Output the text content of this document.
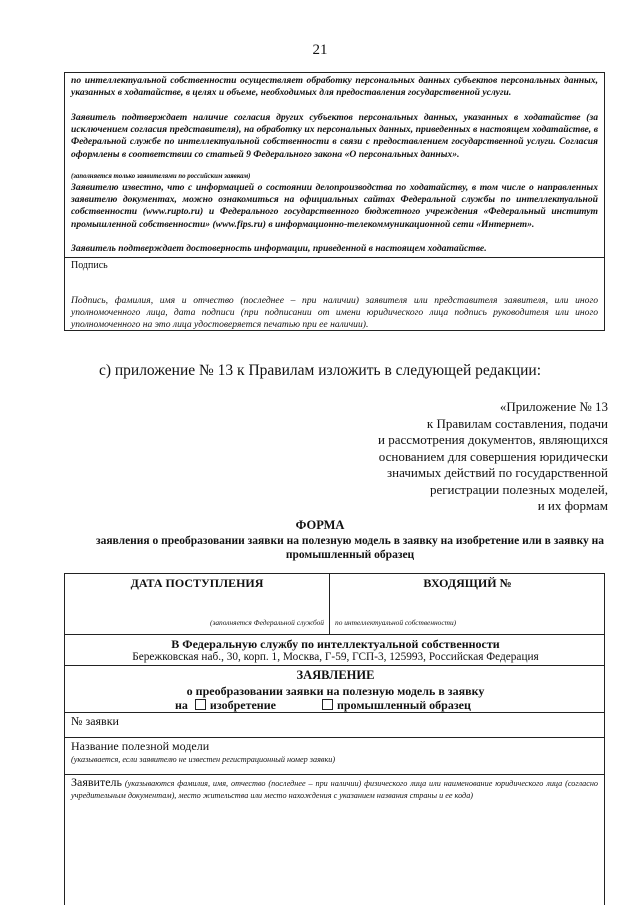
21
по интеллектуальной собственности осуществляет обработку персональных данных субъектов персональных данных, указанных в ходатайстве, в целях и объеме, необходимых для предоставления государственной услуги.
Заявитель подтверждает наличие согласия других субъектов персональных данных, указанных в ходатайстве (за исключением согласия представителя), на обработку их персональных данных, приведенных в настоящем ходатайстве, в Федеральной службе по интеллектуальной собственности в связи с предоставлением государственной услуги. Согласия оформлены в соответствии со статьей 9 Федерального закона «О персональных данных».
(заполняется только заявителями по российским заявкам)
Заявителю известно, что с информацией о состоянии делопроизводства по ходатайству, в том числе о направленных заявителю документах, можно ознакомиться на официальных сайтах Федеральной службы по интеллектуальной собственности (www.rupto.ru) и Федерального государственного бюджетного учреждения «Федеральный институт промышленной собственности» (www.fips.ru) в информационно-телекоммуникационной сети «Интернет».
Заявитель подтверждает достоверность информации, приведенной в настоящем ходатайстве.
Подпись
Подпись, фамилия, имя и отчество (последнее – при наличии) заявителя или представителя заявителя, или иного уполномоченного лица, дата подписи (при подписании от имени юридического лица подпись руководителя или иного уполномоченного на это лица удостоверяется печатью при ее наличии).
с) приложение № 13 к Правилам изложить в следующей редакции:
«Приложение № 13
к Правилам составления, подачи
и рассмотрения документов, являющихся
основанием для совершения юридически
значимых действий по государственной
регистрации полезных моделей,
и их формам
ФОРМА
заявления о преобразовании заявки на полезную модель в заявку на изобретение или в заявку на промышленный образец
ДАТА ПОСТУПЛЕНИЯ	ВХОДЯЩИЙ №
(заполняется Федеральной службой по интеллектуальной собственности)
В Федеральную службу по интеллектуальной собственности
Бережковская наб., 30, корп. 1, Москва, Г-59, ГСП-3, 125993, Российская Федерация
ЗАЯВЛЕНИЕ
о преобразовании заявки на полезную модель в заявку
на изобретение	промышленный образец
№ заявки
Название полезной модели
(указывается, если заявителю не известен регистрационный номер заявки)
Заявитель (указываются фамилия, имя, отчество (последнее – при наличии) физического лица или наименование юридического лица (согласно учредительным документам), место жительства или место нахождения с указанием названия страны и ее кода)
